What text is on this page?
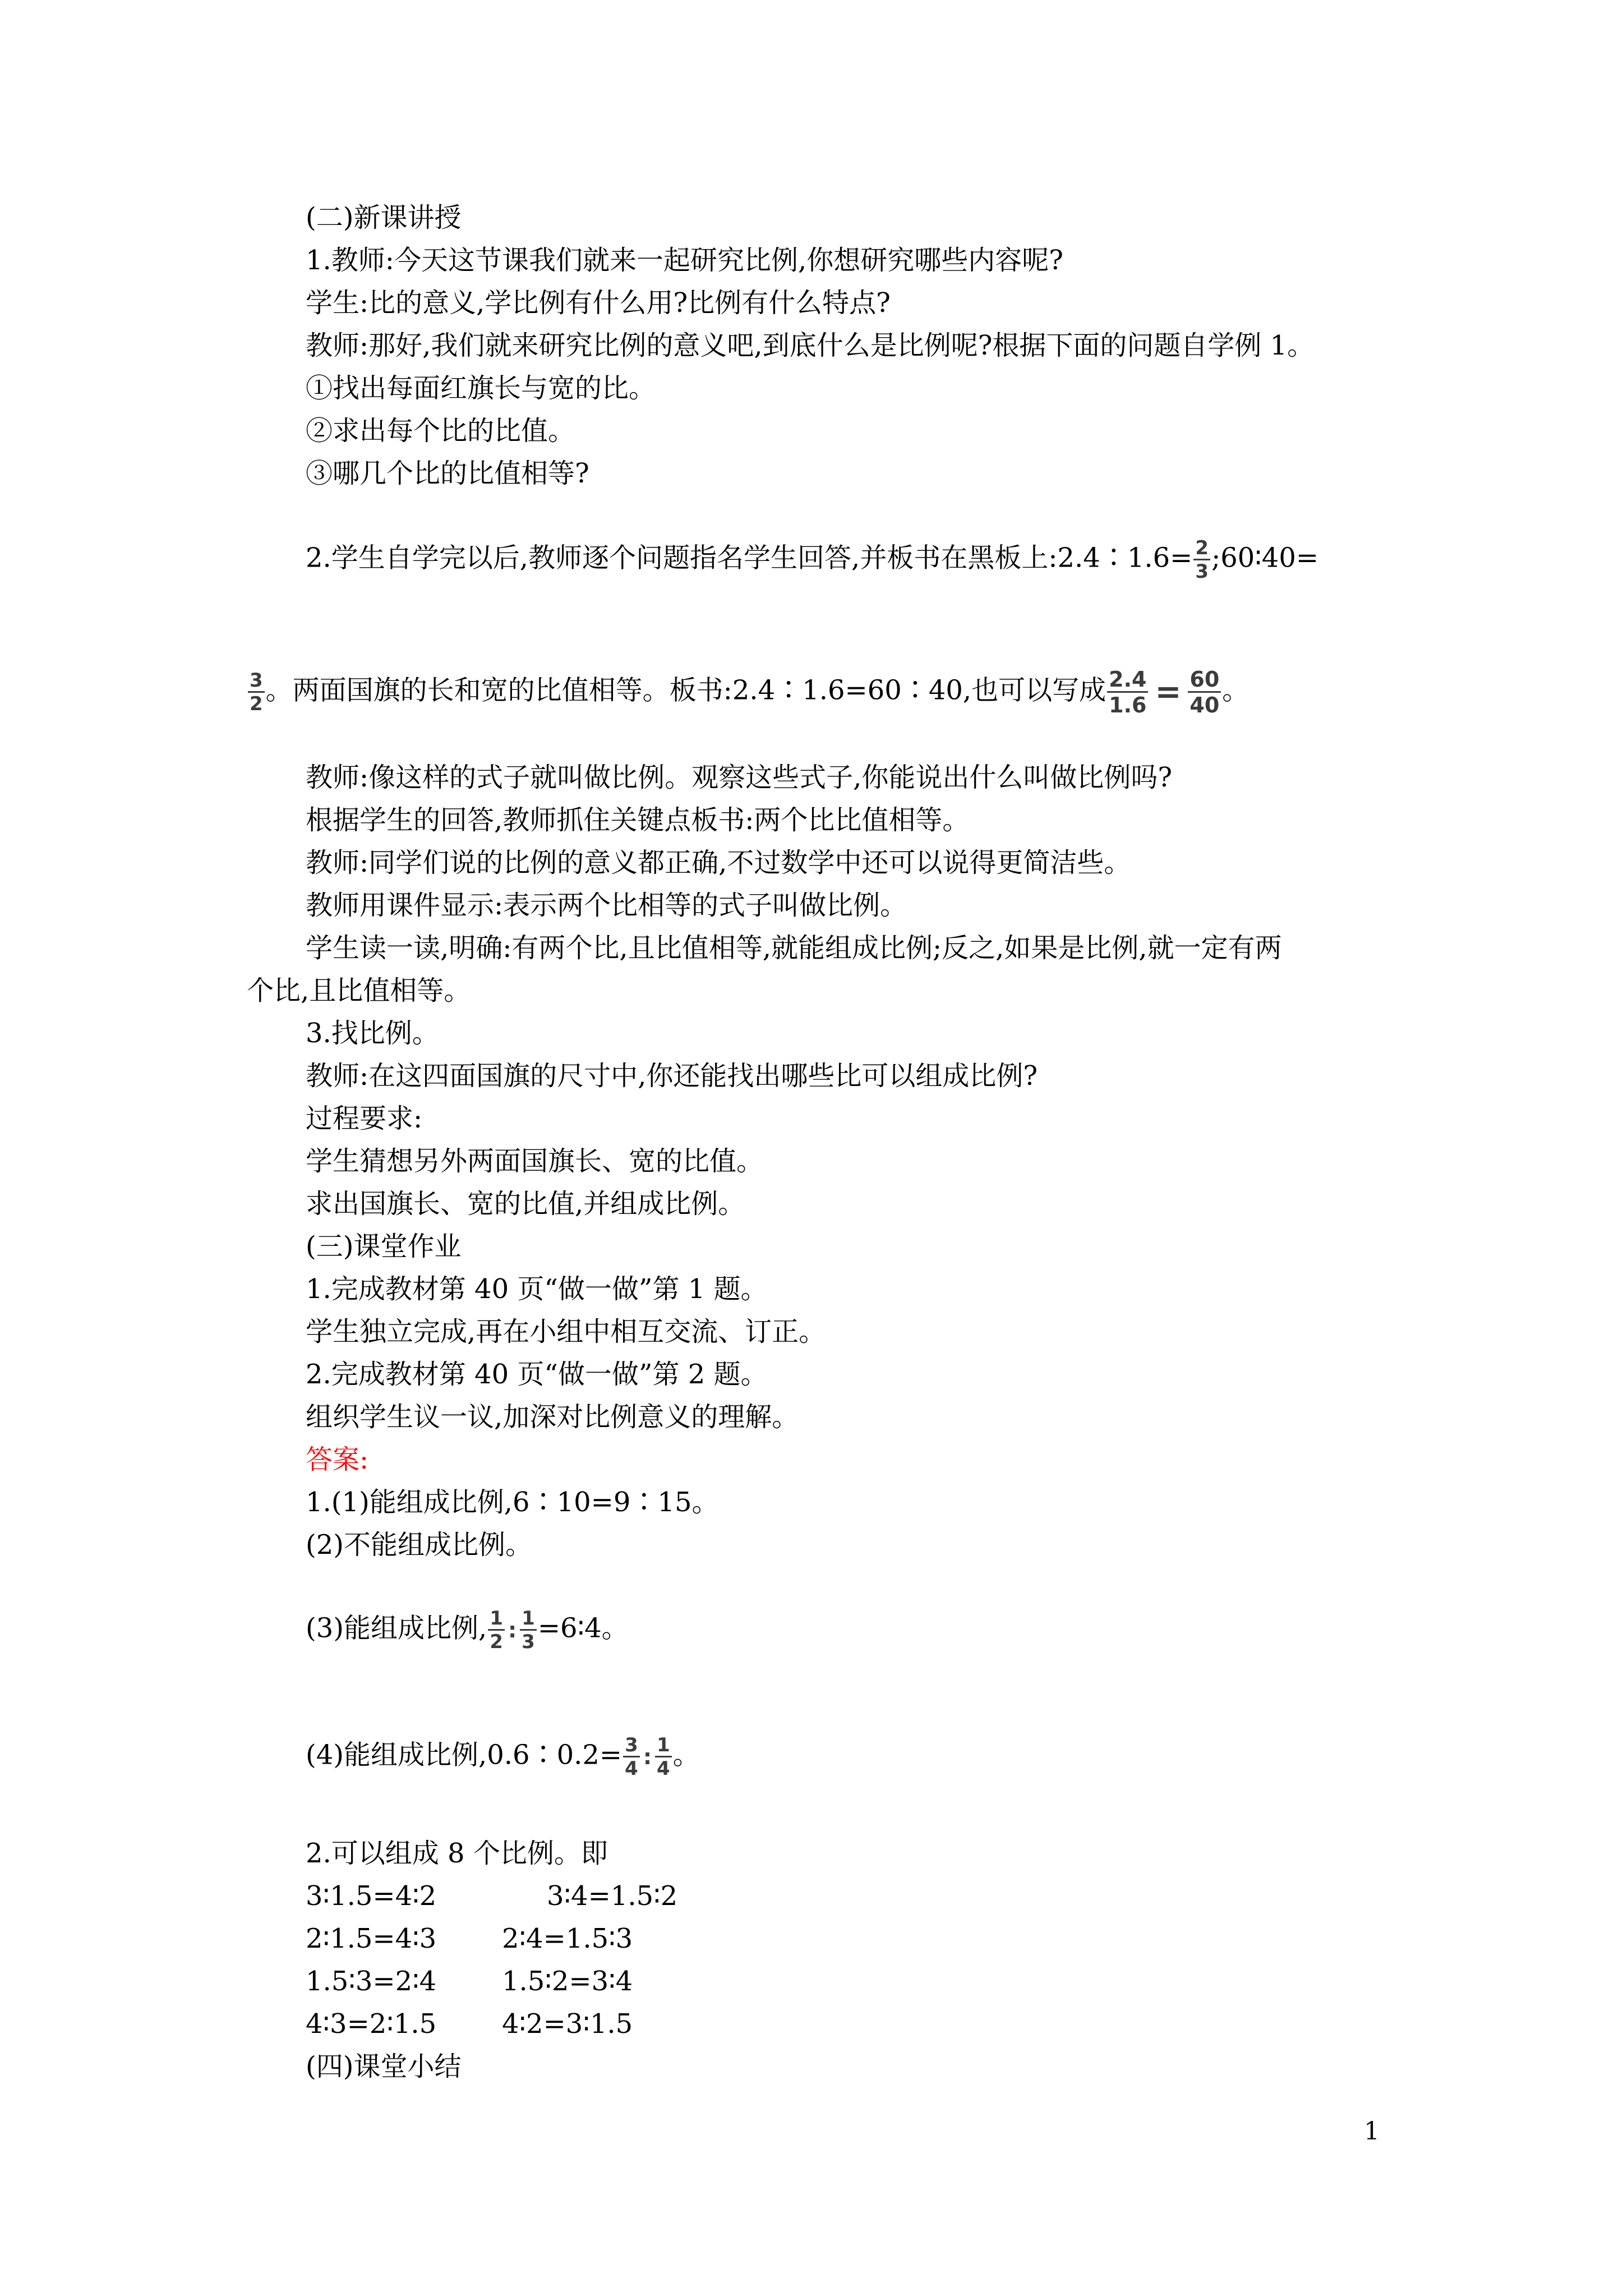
(二)新课讲授
1.教师:今天这节课我们就来一起研究比例,你想研究哪些内容呢?
学生:比的意义,学比例有什么用?比例有什么特点?
教师:那好,我们就来研究比例的意义吧,到底什么是比例呢?根据下面的问题自学例 1。
①找出每面红旗长与宽的比。
②求出每个比的比值。
③哪几个比的比值相等?
2.学生自学完以后,教师逐个问题指名学生回答,并板书在黑板上:2.4∶1.6= $\frac{2}{3}$ ;60∶40=
$\frac{3}{2}$ 。两面国旗的长和宽的比值相等。板书:2.4∶1.6=60∶40,也可以写成 $\frac{2.4}{1.6} = \frac{60}{40}$ 。
教师:像这样的式子就叫做比例。观察这些式子,你能说出什么叫做比例吗?
根据学生的回答,教师抓住关键点板书:两个比比值相等。
教师:同学们说的比例的意义都正确,不过数学中还可以说得更简洁些。
教师用课件显示:表示两个比相等的式子叫做比例。
学生读一读,明确:有两个比,且比值相等,就能组成比例;反之,如果是比例,就一定有两
个比,且比值相等。
3.找比例。
教师:在这四面国旗的尺寸中,你还能找出哪些比可以组成比例?
过程要求:
学生猜想另外两面国旗长、宽的比值。
求出国旗长、宽的比值,并组成比例。
(三)课堂作业
1.完成教材第 40 页“做一做”第 1 题。
学生独立完成,再在小组中相互交流、订正。
2.完成教材第 40 页“做一做”第 2 题。
组织学生议一议,加深对比例意义的理解。
答案:
1.(1)能组成比例,6∶10=9∶15。
(2)不能组成比例。
(3)能组成比例, $\frac{1}{2}$ : $\frac{1}{3}$ =6∶4。
(4)能组成比例,0.6∶0.2= $\frac{3}{4}$ : $\frac{1}{4}$ 。
2.可以组成 8 个比例。即
3∶1.5=4∶2	3∶4=1.5∶2
2∶1.5=4∶3 2∶4=1.5∶3
1.5∶3=2∶4 1.5∶2=3∶4
4∶3=2∶1.5 4∶2=3∶1.5
(四)课堂小结
1
